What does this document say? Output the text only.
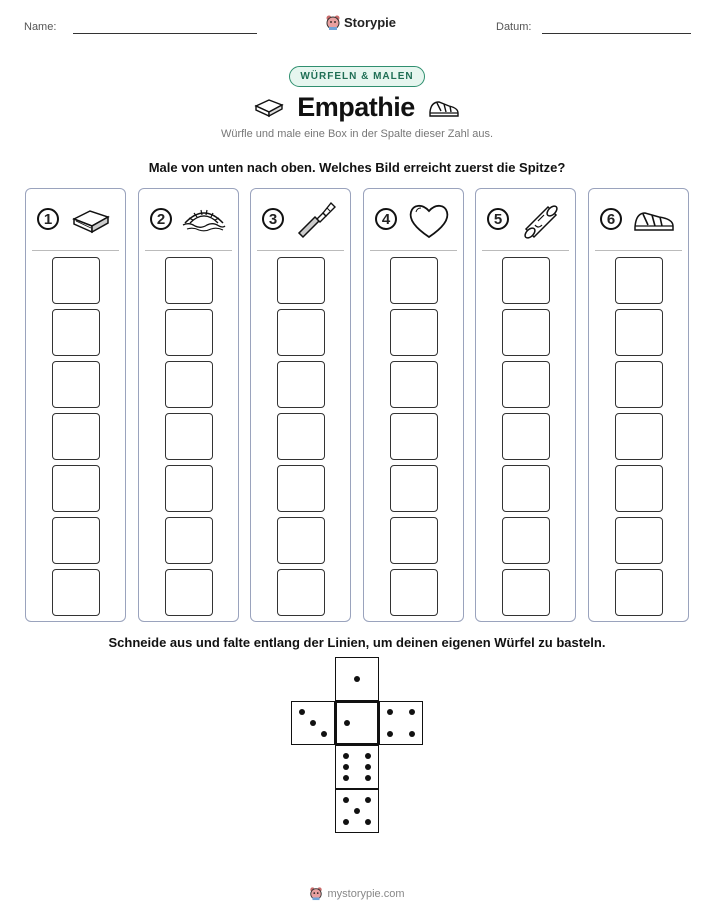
Name:	Storypie	Datum:
WÜRFELN & MALEN
Empathie
Würfle und male eine Box in der Spalte dieser Zahl aus.
Male von unten nach oben. Welches Bild erreicht zuerst die Spitze?
1	2	3	4	5	6
Schneide aus und falte entlang der Linien, um deinen eigenen Würfel zu basteln.
mystorypie.com
